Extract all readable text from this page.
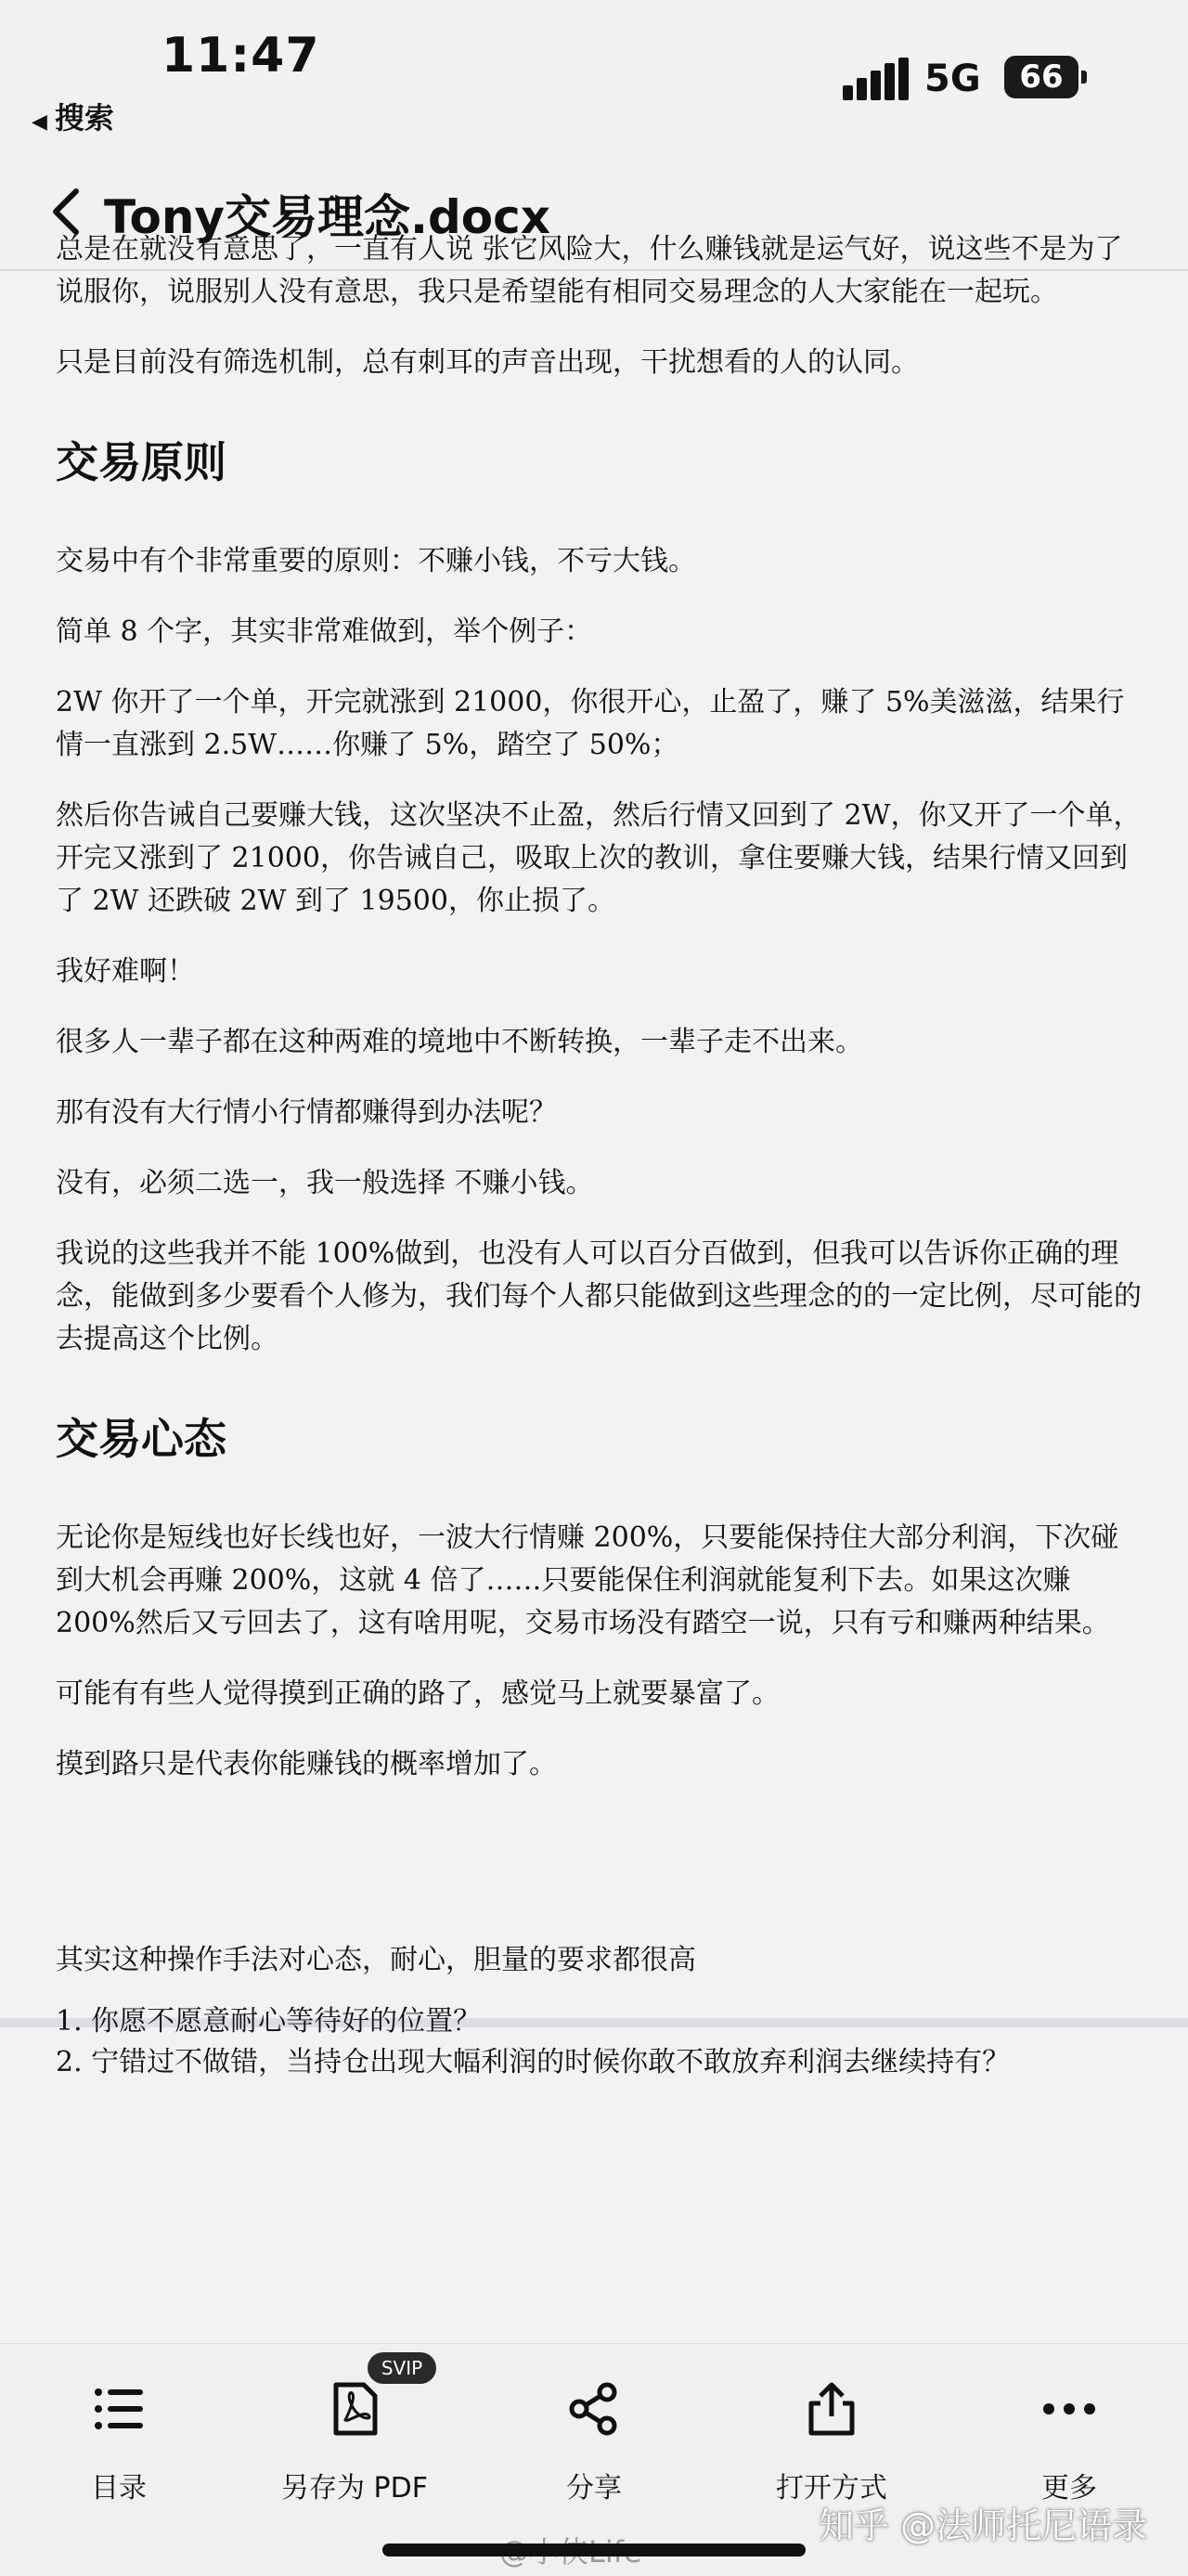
11:47
◀ 搜索
5G	66
Tony交易理念.docx

总是在就没有意思了，一直有人说 张它风险大，什么赚钱就是运气好，说这些不是为了说服你，说服别人没有意思，我只是希望能有相同交易理念的人大家能在一起玩。

只是目前没有筛选机制，总有刺耳的声音出现，干扰想看的人的认同。

交易原则

交易中有个非常重要的原则：不赚小钱，不亏大钱。

简单 8 个字，其实非常难做到，举个例子：

2W 你开了一个单，开完就涨到 21000，你很开心，止盈了，赚了 5%美滋滋，结果行情一直涨到 2.5W……你赚了 5%，踏空了 50%；

然后你告诫自己要赚大钱，这次坚决不止盈，然后行情又回到了 2W，你又开了一个单，开完又涨到了 21000，你告诫自己，吸取上次的教训，拿住要赚大钱，结果行情又回到了 2W 还跌破 2W 到了 19500，你止损了。

我好难啊！

很多人一辈子都在这种两难的境地中不断转换，一辈子走不出来。

那有没有大行情小行情都赚得到办法呢？

没有，必须二选一，我一般选择 不赚小钱。

我说的这些我并不能 100%做到，也没有人可以百分百做到，但我可以告诉你正确的理念，能做到多少要看个人修为，我们每个人都只能做到这些理念的的一定比例，尽可能的去提高这个比例。

交易心态

无论你是短线也好长线也好，一波大行情赚 200%，只要能保持住大部分利润，下次碰到大机会再赚 200%，这就 4 倍了……只要能保住利润就能复利下去。如果这次赚 200%然后又亏回去了，这有啥用呢，交易市场没有踏空一说，只有亏和赚两种结果。

可能有有些人觉得摸到正确的路了，感觉马上就要暴富了。

摸到路只是代表你能赚钱的概率增加了。

其实这种操作手法对心态，耐心，胆量的要求都很高

1. 你愿不愿意耐心等待好的位置？

2. 宁错过不做错，当持仓出现大幅利润的时候你敢不敢放弃利润去继续持有？

目录	另存为 PDF	分享	打开方式	更多
SVIP
知乎 @法师托尼语录
